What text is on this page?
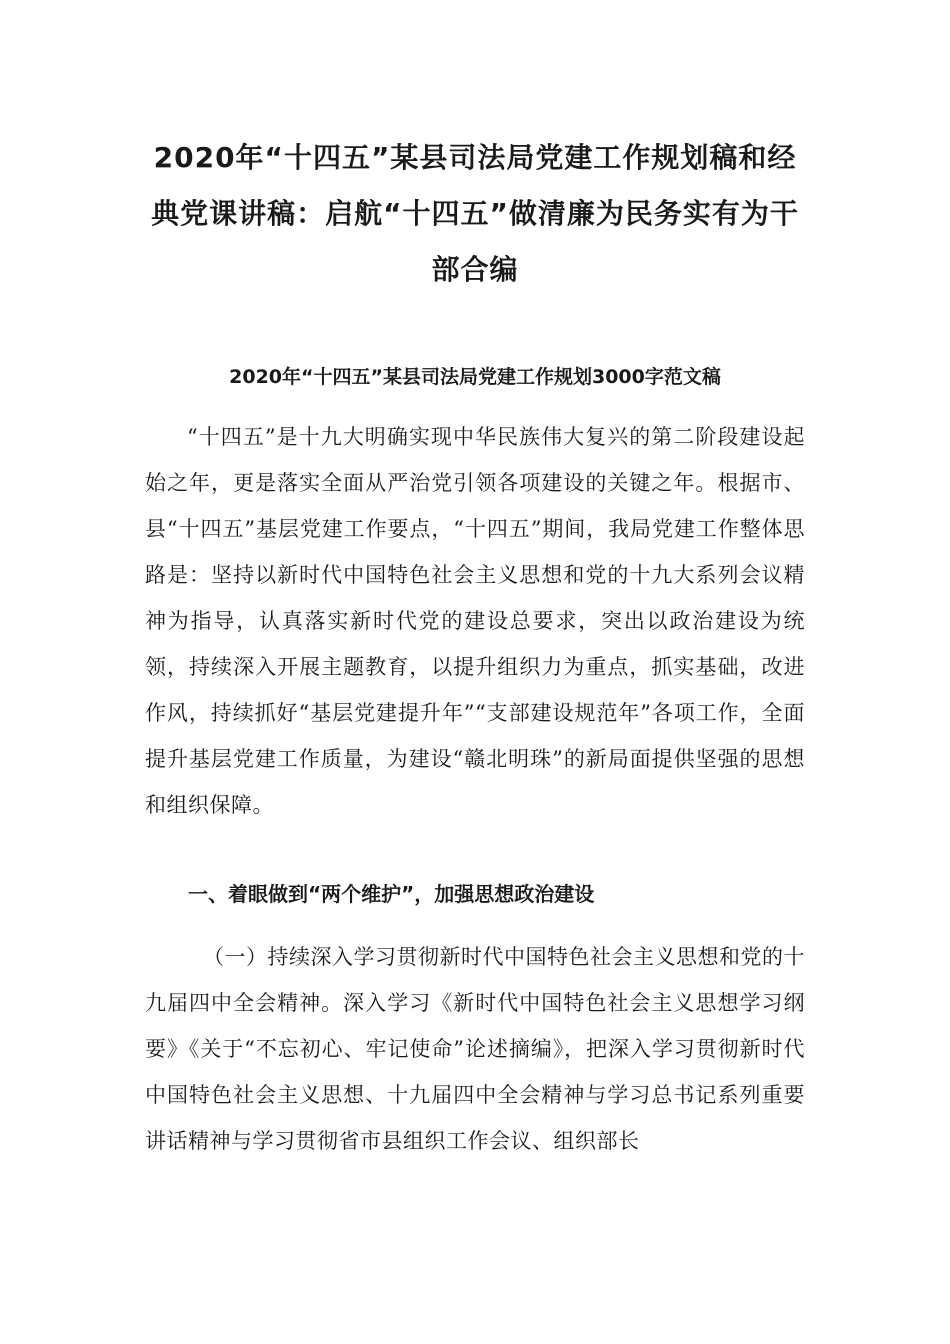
2020年“十四五”某县司法局党建工作规划稿和经典党课讲稿：启航“十四五”做清廉为民务实有为干部合编
2020年“十四五”某县司法局党建工作规划3000字范文稿

“十四五”是十九大明确实现中华民族伟大复兴的第二阶段建设起始之年，更是落实全面从严治党引领各项建设的关键之年。根据市、县“十四五”基层党建工作要点，“十四五”期间，我局党建工作整体思路是：坚持以新时代中国特色社会主义思想和党的十九大系列会议精神为指导，认真落实新时代党的建设总要求，突出以政治建设为统领，持续深入开展主题教育，以提升组织力为重点，抓实基础，改进作风，持续抓好“基层党建提升年”“支部建设规范年”各项工作，全面提升基层党建工作质量，为建设“赣北明珠”的新局面提供坚强的思想和组织保障。

一、着眼做到“两个维护”，加强思想政治建设

（一）持续深入学习贯彻新时代中国特色社会主义思想和党的十九届四中全会精神。深入学习《新时代中国特色社会主义思想学习纲要》《关于“不忘初心、牢记使命”论述摘编》，把深入学习贯彻新时代中国特色社会主义思想、十九届四中全会精神与学习总书记系列重要讲话精神与学习贯彻省市县组织工作会议、组织部长
